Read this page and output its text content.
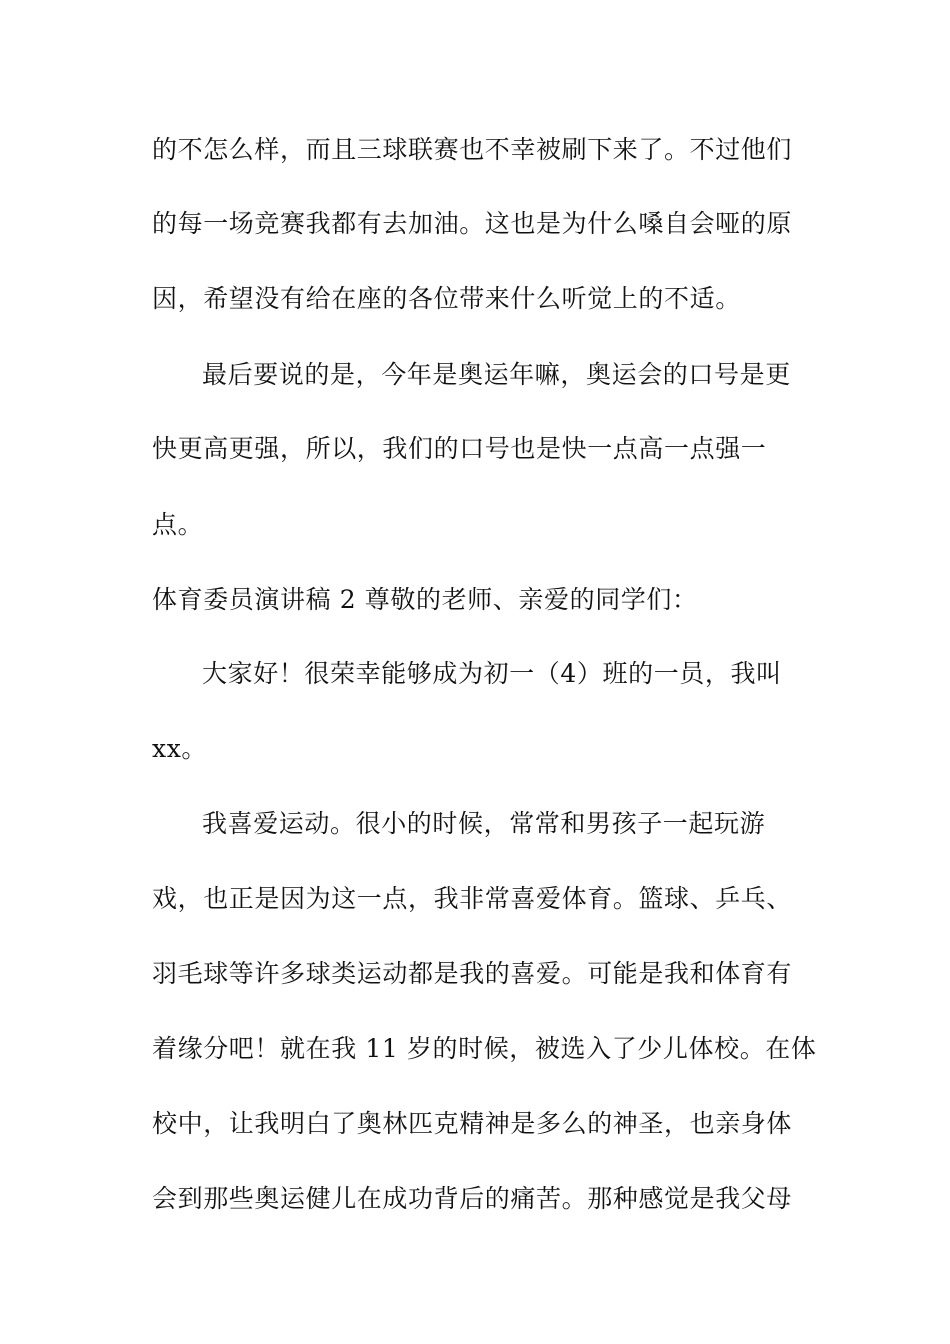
的不怎么样，而且三球联赛也不幸被刷下来了。不过他们
的每一场竞赛我都有去加油。这也是为什么嗓自会哑的原
因，希望没有给在座的各位带来什么听觉上的不适。
最后要说的是，今年是奥运年嘛，奥运会的口号是更
快更高更强，所以，我们的口号也是快一点高一点强一
点。
体育委员演讲稿 2 尊敬的老师、亲爱的同学们：
大家好！很荣幸能够成为初一（4）班的一员，我叫
xx。
我喜爱运动。很小的时候，常常和男孩子一起玩游
戏，也正是因为这一点，我非常喜爱体育。篮球、乒乓、
羽毛球等许多球类运动都是我的喜爱。可能是我和体育有
着缘分吧！就在我 11 岁的时候，被选入了少儿体校。在体
校中，让我明白了奥林匹克精神是多么的神圣，也亲身体
会到那些奥运健儿在成功背后的痛苦。那种感觉是我父母
